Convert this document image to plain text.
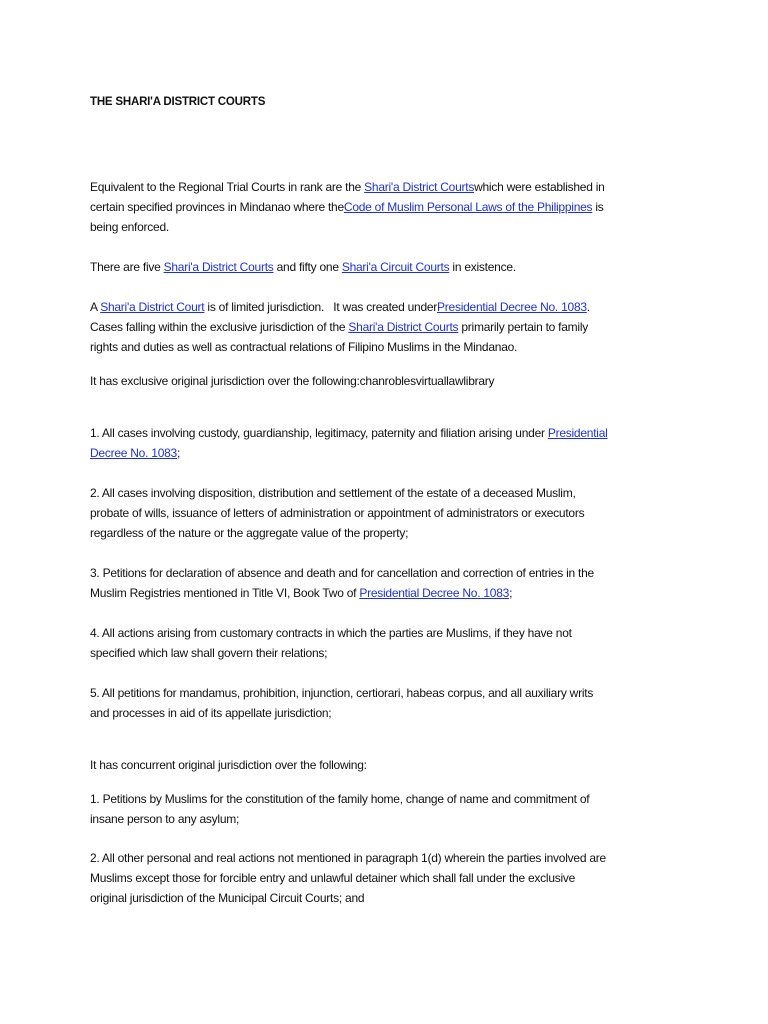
THE SHARI'A DISTRICT COURTS
Equivalent to the Regional Trial Courts in rank are the Shari'a District Courtswhich were established in
certain specified provinces in Mindanao where theCode of Muslim Personal Laws of the Philippines is
being enforced.
There are five Shari'a District Courts and fifty one Shari'a Circuit Courts in existence.
A Shari'a District Court is of limited jurisdiction.   It was created underPresidential Decree No. 1083.
Cases falling within the exclusive jurisdiction of the Shari'a District Courts primarily pertain to family
rights and duties as well as contractual relations of Filipino Muslims in the Mindanao.
It has exclusive original jurisdiction over the following:chanroblesvirtuallawlibrary
1. All cases involving custody, guardianship, legitimacy, paternity and filiation arising under Presidential
Decree No. 1083;
2. All cases involving disposition, distribution and settlement of the estate of a deceased Muslim,
probate of wills, issuance of letters of administration or appointment of administrators or executors
regardless of the nature or the aggregate value of the property;
3. Petitions for declaration of absence and death and for cancellation and correction of entries in the
Muslim Registries mentioned in Title VI, Book Two of Presidential Decree No. 1083;
4. All actions arising from customary contracts in which the parties are Muslims, if they have not
specified which law shall govern their relations;
5. All petitions for mandamus, prohibition, injunction, certiorari, habeas corpus, and all auxiliary writs
and processes in aid of its appellate jurisdiction;
It has concurrent original jurisdiction over the following:
1. Petitions by Muslims for the constitution of the family home, change of name and commitment of
insane person to any asylum;
2. All other personal and real actions not mentioned in paragraph 1(d) wherein the parties involved are
Muslims except those for forcible entry and unlawful detainer which shall fall under the exclusive
original jurisdiction of the Municipal Circuit Courts; and
